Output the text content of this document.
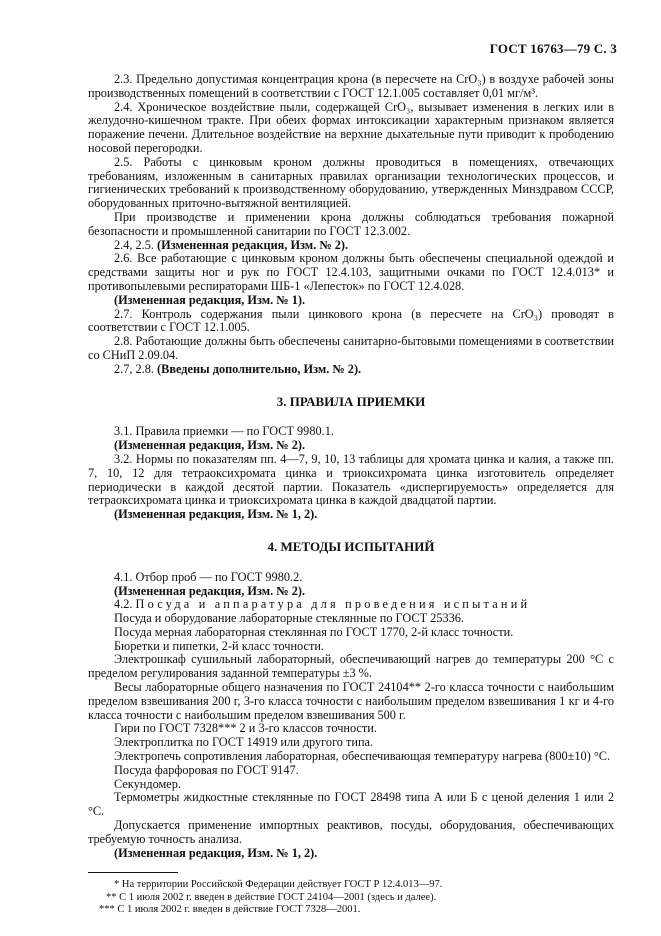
ГОСТ 16763—79 С. 3

2.3. Предельно допустимая концентрация крона (в пересчете на CrO₃) в воздухе рабочей зоны производственных помещений в соответствии с ГОСТ 12.1.005 составляет 0,01 мг/м³.

2.4. Хроническое воздействие пыли, содержащей CrO₃, вызывает изменения в легких или в желудочно-кишечном тракте. При обеих формах интоксикации характерным признаком является поражение печени. Длительное воздействие на верхние дыхательные пути приводит к прободению носовой перегородки.

2.5. Работы с цинковым кроном должны проводиться в помещениях, отвечающих требованиям, изложенным в санитарных правилах организации технологических процессов, и гигиенических требований к производственному оборудованию, утвержденных Минздравом СССР, оборудованных приточно-вытяжной вентиляцией.

При производстве и применении крона должны соблюдаться требования пожарной безопасности и промышленной санитарии по ГОСТ 12.3.002.

2.4, 2.5. (Измененная редакция, Изм. № 2).

2.6. Все работающие с цинковым кроном должны быть обеспечены специальной одеждой и средствами защиты ног и рук по ГОСТ 12.4.103, защитными очками по ГОСТ 12.4.013* и противопылевыми респираторами ШБ-1 «Лепесток» по ГОСТ 12.4.028.

(Измененная редакция, Изм. № 1).

2.7. Контроль содержания пыли цинкового крона (в пересчете на CrO₃) проводят в соответствии с ГОСТ 12.1.005.

2.8. Работающие должны быть обеспечены санитарно-бытовыми помещениями в соответствии со СНиП 2.09.04.

2.7, 2.8. (Введены дополнительно, Изм. № 2).

3. ПРАВИЛА ПРИЕМКИ

3.1. Правила приемки — по ГОСТ 9980.1.

(Измененная редакция, Изм. № 2).

3.2. Нормы по показателям пп. 4—7, 9, 10, 13 таблицы для хромата цинка и калия, а также пп. 7, 10, 12 для тетраоксихромата цинка и триоксихромата цинка изготовитель определяет периодически в каждой десятой партии. Показатель «диспергируемость» определяется для тетраоксихромата цинка и триоксихромата цинка в каждой двадцатой партии.

(Измененная редакция, Изм. № 1, 2).

4. МЕТОДЫ ИСПЫТАНИЙ

4.1. Отбор проб — по ГОСТ 9980.2.

(Измененная редакция, Изм. № 2).

4.2. Посуда и аппаратура для проведения испытаний

Посуда и оборудование лабораторные стеклянные по ГОСТ 25336.

Посуда мерная лабораторная стеклянная по ГОСТ 1770, 2-й класс точности.

Бюретки и пипетки, 2-й класс точности.

Электрошкаф сушильный лабораторный, обеспечивающий нагрев до температуры 200 °С с пределом регулирования заданной температуры ±3 %.

Весы лабораторные общего назначения по ГОСТ 24104** 2-го класса точности с наибольшим пределом взвешивания 200 г, 3-го класса точности с наибольшим пределом взвешивания 1 кг и 4-го класса точности с наибольшим пределом взвешивания 500 г.

Гири по ГОСТ 7328*** 2 и 3-го классов точности.

Электроплитка по ГОСТ 14919 или другого типа.

Электропечь сопротивления лабораторная, обеспечивающая температуру нагрева (800±10) °С.

Посуда фарфоровая по ГОСТ 9147.

Секундомер.

Термометры жидкостные стеклянные по ГОСТ 28498 типа А или Б с ценой деления 1 или 2 °С.

Допускается применение импортных реактивов, посуды, оборудования, обеспечивающих требуемую точность анализа.

(Измененная редакция, Изм. № 1, 2).

* На территории Российской Федерации действует ГОСТ Р 12.4.013—97.

** С 1 июля 2002 г. введен в действие ГОСТ 24104—2001 (здесь и далее).

*** С 1 июля 2002 г. введен в действие ГОСТ 7328—2001.
